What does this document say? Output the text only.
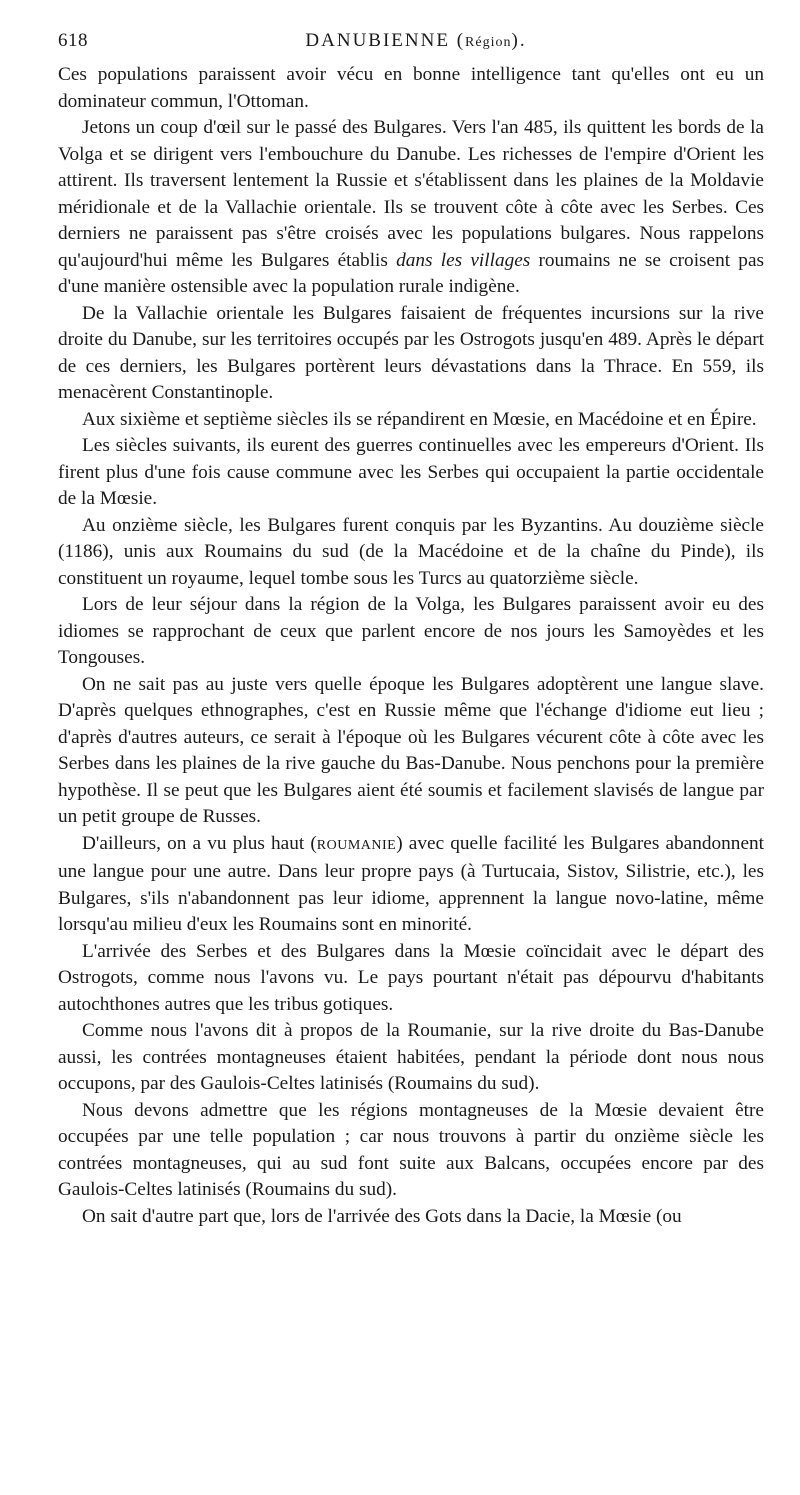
618	DANUBIENNE (Région).

Ces populations paraissent avoir vécu en bonne intelligence tant qu'elles ont eu un dominateur commun, l'Ottoman.

Jetons un coup d'œil sur le passé des Bulgares. Vers l'an 485, ils quittent les bords de la Volga et se dirigent vers l'embouchure du Danube. Les richesses de l'empire d'Orient les attirent. Ils traversent lentement la Russie et s'établissent dans les plaines de la Moldavie méridionale et de la Vallachie orientale. Ils se trouvent côte à côte avec les Serbes. Ces derniers ne paraissent pas s'être croisés avec les populations bulgares. Nous rappelons qu'aujourd'hui même les Bulgares établis dans les villages roumains ne se croisent pas d'une manière ostensible avec la population rurale indigène.

De la Vallachie orientale les Bulgares faisaient de fréquentes incursions sur la rive droite du Danube, sur les territoires occupés par les Ostrogots jusqu'en 489. Après le départ de ces derniers, les Bulgares portèrent leurs dévastations dans la Thrace. En 559, ils menacèrent Constantinople.

Aux sixième et septième siècles ils se répandirent en Mœsie, en Macédoine et en Épire.

Les siècles suivants, ils eurent des guerres continuelles avec les empereurs d'Orient. Ils firent plus d'une fois cause commune avec les Serbes qui occupaient la partie occidentale de la Mœsie.

Au onzième siècle, les Bulgares furent conquis par les Byzantins. Au douzième siècle (1186), unis aux Roumains du sud (de la Macédoine et de la chaîne du Pinde), ils constituent un royaume, lequel tombe sous les Turcs au quatorzième siècle.

Lors de leur séjour dans la région de la Volga, les Bulgares paraissent avoir eu des idiomes se rapprochant de ceux que parlent encore de nos jours les Samoyèdes et les Tongouses.

On ne sait pas au juste vers quelle époque les Bulgares adoptèrent une langue slave. D'après quelques ethnographes, c'est en Russie même que l'échange d'idiome eut lieu ; d'après d'autres auteurs, ce serait à l'époque où les Bulgares vécurent côte à côte avec les Serbes dans les plaines de la rive gauche du Bas-Danube. Nous penchons pour la première hypothèse. Il se peut que les Bulgares aient été soumis et facilement slavisés de langue par un petit groupe de Russes.

D'ailleurs, on a vu plus haut (ROUMANIE) avec quelle facilité les Bulgares abandonnent une langue pour une autre. Dans leur propre pays (à Turtucaia, Sistov, Silistrie, etc.), les Bulgares, s'ils n'abandonnent pas leur idiome, apprennent la langue novo-latine, même lorsqu'au milieu d'eux les Roumains sont en minorité.

L'arrivée des Serbes et des Bulgares dans la Mœsie coïncidait avec le départ des Ostrogots, comme nous l'avons vu. Le pays pourtant n'était pas dépourvu d'habitants autochthones autres que les tribus gotiques.

Comme nous l'avons dit à propos de la Roumanie, sur la rive droite du Bas-Danube aussi, les contrées montagneuses étaient habitées, pendant la période dont nous nous occupons, par des Gaulois-Celtes latinisés (Roumains du sud).

Nous devons admettre que les régions montagneuses de la Mœsie devaient être occupées par une telle population ; car nous trouvons à partir du onzième siècle les contrées montagneuses, qui au sud font suite aux Balcans, occupées encore par des Gaulois-Celtes latinisés (Roumains du sud).

On sait d'autre part que, lors de l'arrivée des Gots dans la Dacie, la Mœsie (ou
